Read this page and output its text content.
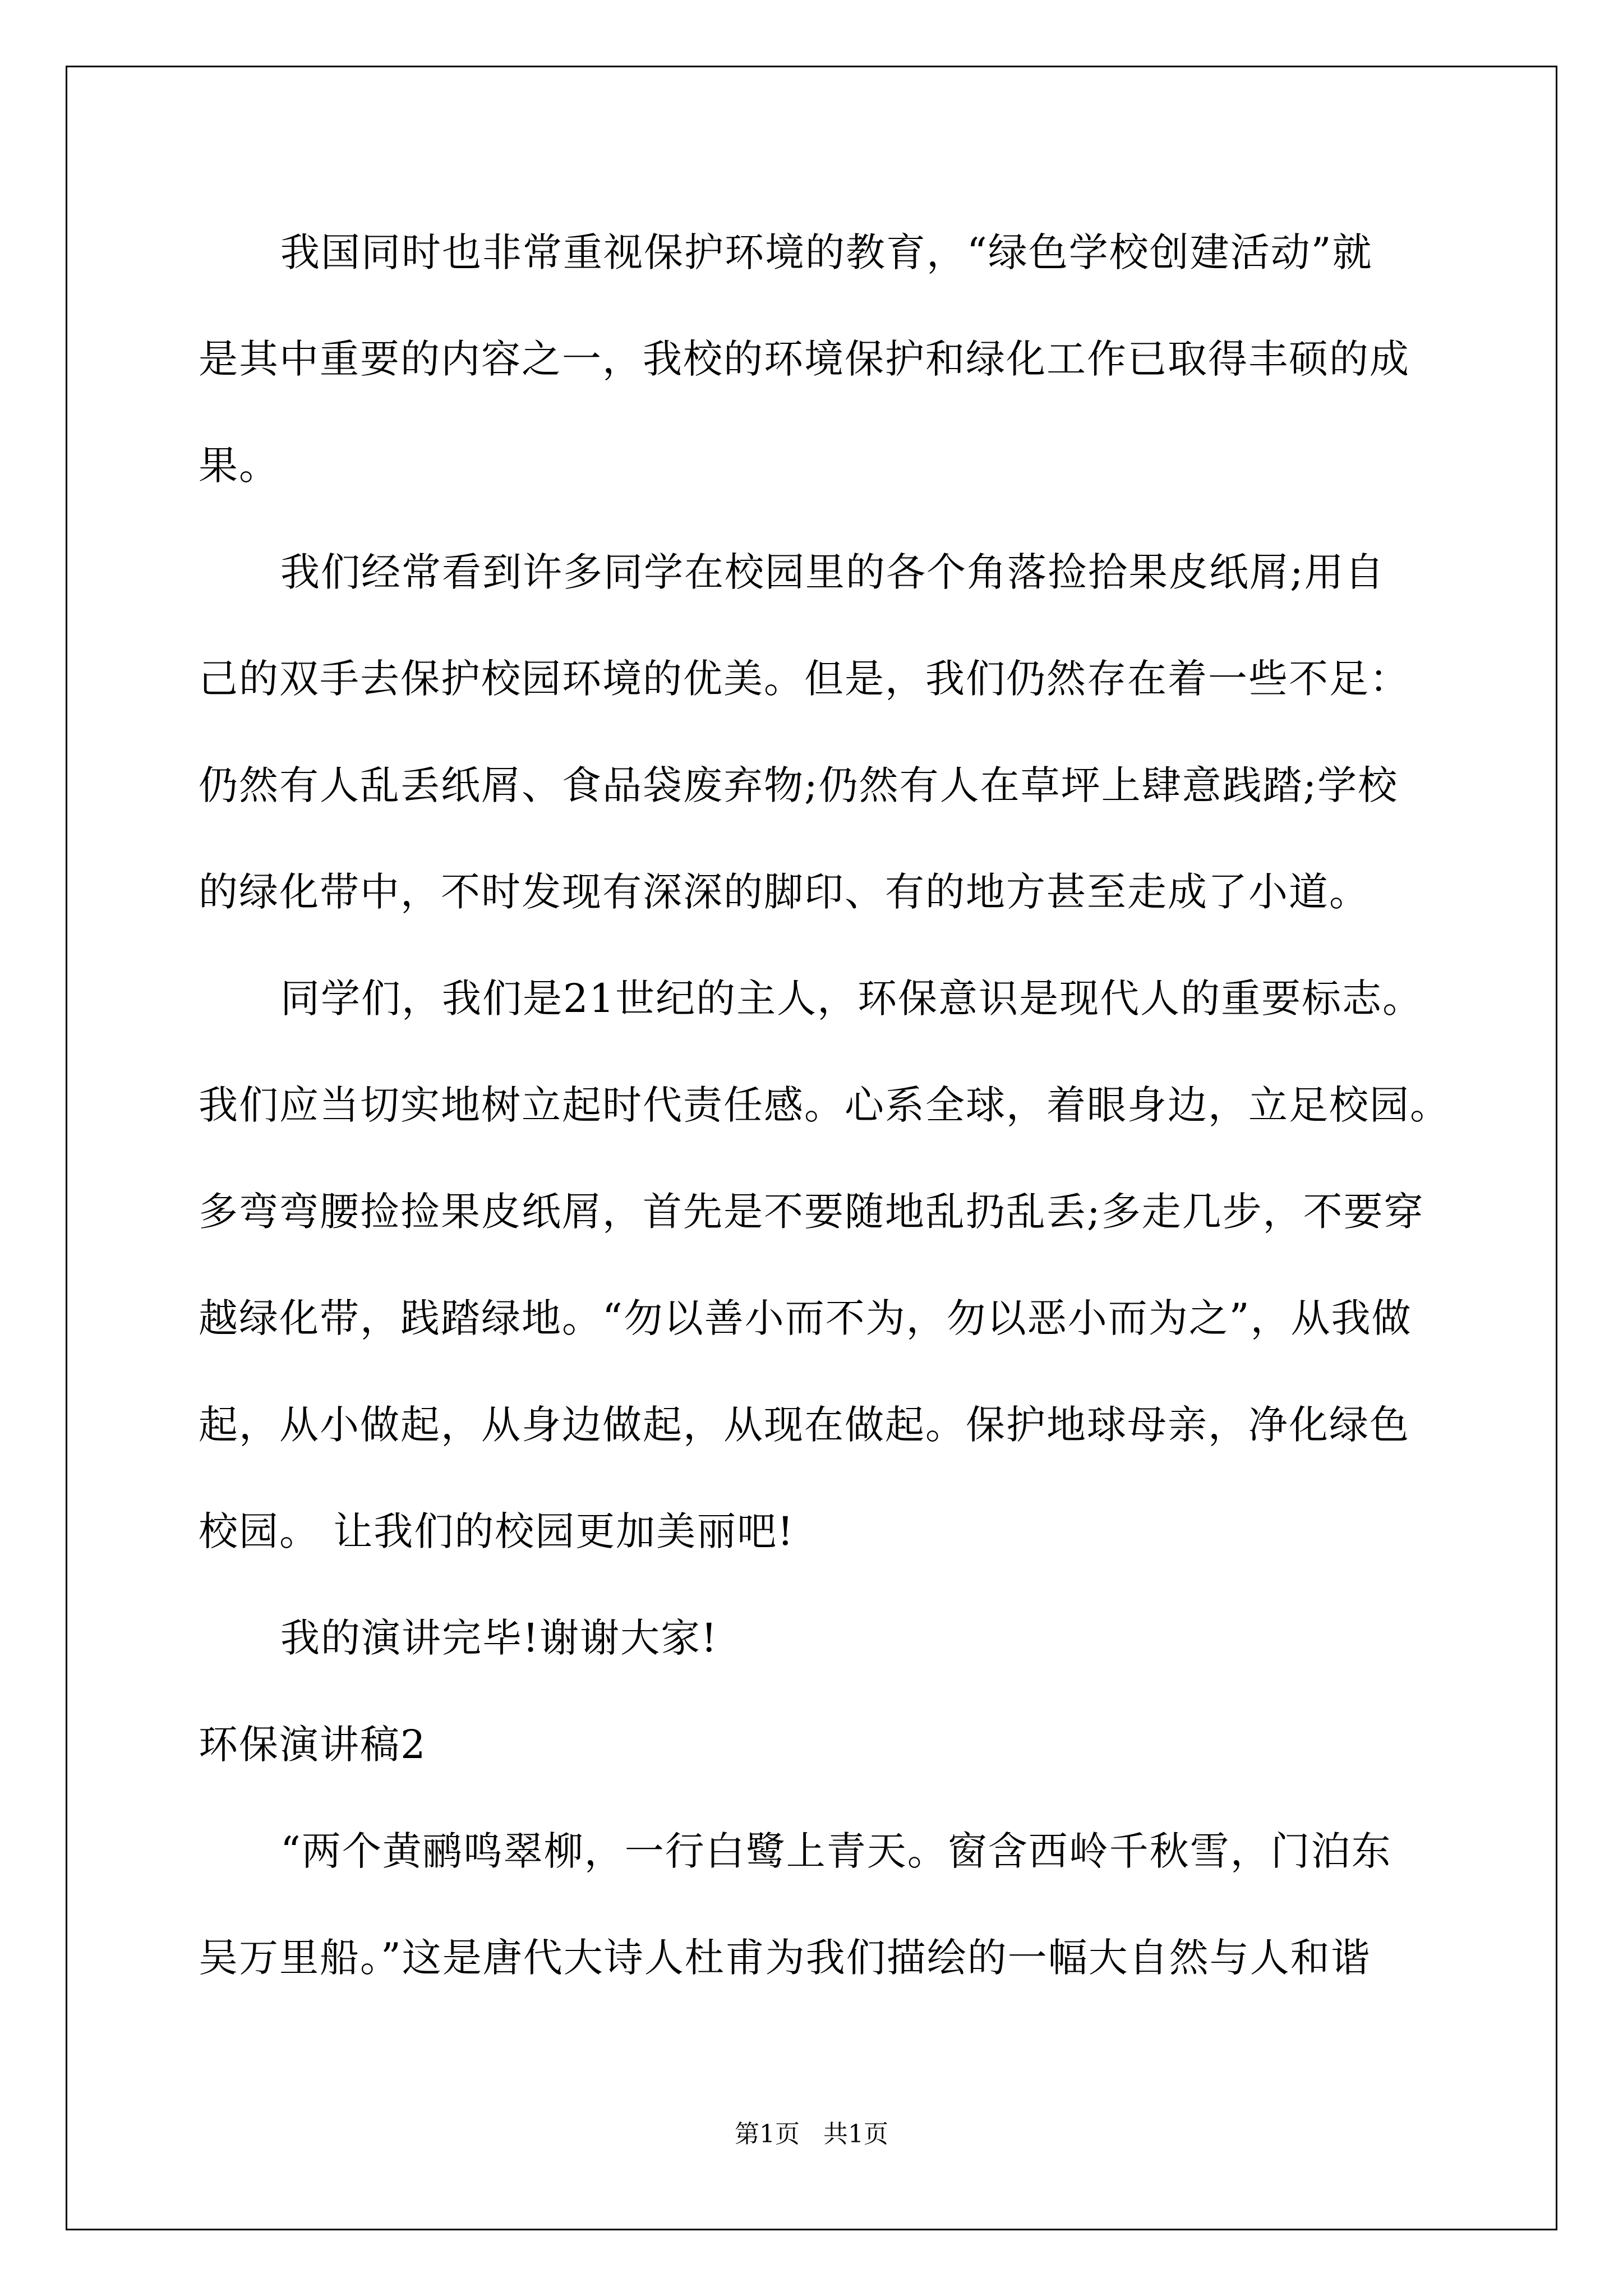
我国同时也非常重视保护环境的教育，“绿色学校创建活动”就
是其中重要的内容之一，我校的环境保护和绿化工作已取得丰硕的成
果。
我们经常看到许多同学在校园里的各个角落捡拾果皮纸屑;用自
己的双手去保护校园环境的优美。但是，我们仍然存在着一些不足：
仍然有人乱丢纸屑、食品袋废弃物;仍然有人在草坪上肆意践踏;学校
的绿化带中，不时发现有深深的脚印、有的地方甚至走成了小道。
同学们，我们是21世纪的主人，环保意识是现代人的重要标志。
我们应当切实地树立起时代责任感。心系全球，着眼身边，立足校园。
多弯弯腰捡捡果皮纸屑，首先是不要随地乱扔乱丢;多走几步，不要穿
越绿化带，践踏绿地。“勿以善小而不为，勿以恶小而为之”，从我做
起，从小做起，从身边做起，从现在做起。保护地球母亲，净化绿色
校园。 让我们的校园更加美丽吧!
我的演讲完毕!谢谢大家!
环保演讲稿2
“两个黄鹂鸣翠柳，一行白鹭上青天。窗含西岭千秋雪，门泊东
吴万里船。”这是唐代大诗人杜甫为我们描绘的一幅大自然与人和谐
第1页   共1页
